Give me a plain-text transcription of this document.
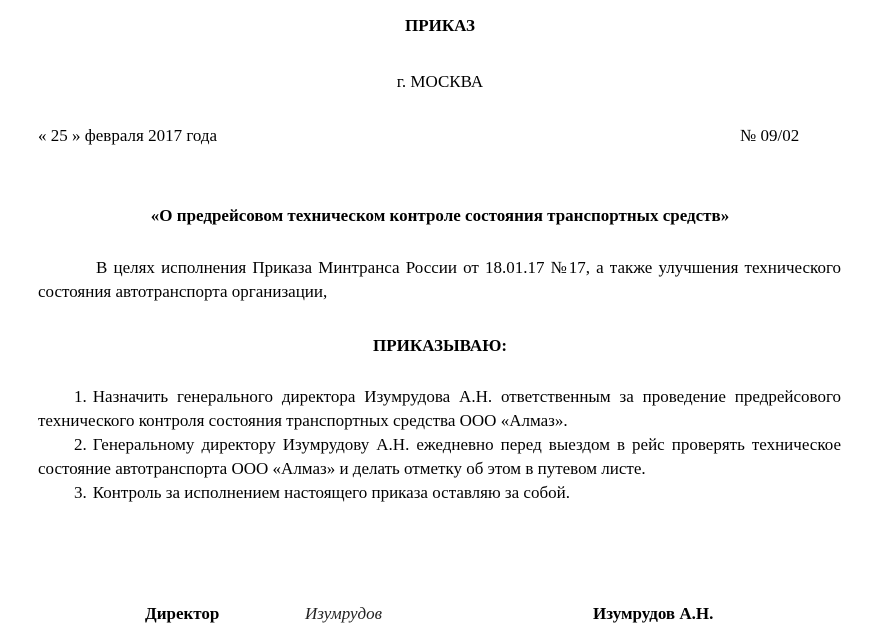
ПРИКАЗ
г. МОСКВА
« 25 » февраля 2017 года	№ 09/02
«О предрейсовом техническом контроле состояния транспортных средств»
В целях исполнения Приказа Минтранса России от 18.01.17 №17, а также улучшения технического состояния автотранспорта организации,
ПРИКАЗЫВАЮ:
1. Назначить генерального директора Изумрудова А.Н. ответственным за проведение предрейсового технического контроля состояния транспортных средства ООО «Алмаз».
2. Генеральному директору Изумрудову А.Н. ежедневно перед выездом в рейс проверять техническое состояние автотранспорта ООО «Алмаз» и делать отметку об этом в путевом листе.
3. Контроль за исполнением настоящего приказа оставляю за собой.
Директор	Изумрудов	Изумрудов А.Н.
